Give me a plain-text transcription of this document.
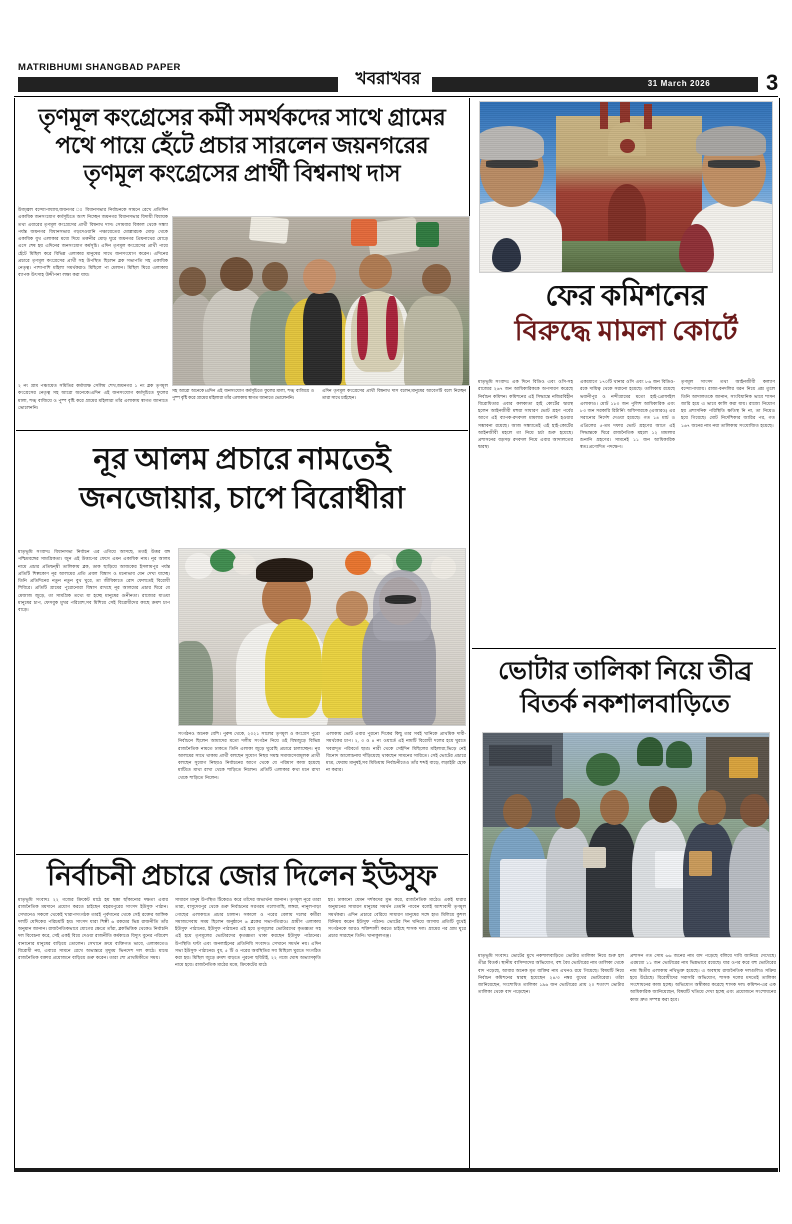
MATRIBHUMI SHANGBAD PAPER
খবরাখবর	31 March 2026	3
তৃণমূল কংগ্রেসের কর্মী সমর্থকদের সাথে গ্রামের
পথে পায়ে হেঁটে প্রচার সারলেন জয়নগরের
তৃণমূল কংগ্রেসের প্রার্থী বিশ্বনাথ দাস
উজ্জ্বল বন্দ্যোপাধ্যায়,জয়নগর ঃ বিধানসভার নির্বাচনকে সামনে রেখে প্রতিদিন একাধিক জনসংযোগ কর্মসূচিতে অংশ নিচ্ছেন জয়নগর বিধানসভার বিদায়ী বিধায়ক তথা এবারের তৃণমূল কংগ্রেসের প্রার্থী বিশ্বনাথ দাস। সোমবার বিকাল থেকে সন্ধ্যা পর্যন্ত জয়নগর বিধানসভার গড়দেওয়ানি পঞ্চায়েতের মোল্লারচক মোড় থেকে একাধিক বুথ এলাকার মধ্যে দিয়ে তরুনীর মোড় ঘুরে জয়নগর প্রিয়নাথের মোড়ে এসে শেষ হয় এদিনের জনসংযোগ কর্মসূচি। এদিন তৃণমূল কংগ্রেসের প্রার্থী পায়ে হেঁটে মিছিল করে বিভিন্ন এলাকার মানুষের সাথে জনসংযোগ করেন। এদিনের প্রচারে তৃণমূল কংগ্রেসের প্রার্থী সহ উপস্থিত ছিলেন ব্লক সভাপতি সহ একাধিক নেতৃত্ব। পাশাপাশি মহিলা সমর্থকরাও মিছিলে পা মেলান। মিছিল ঘিরে এলাকায় ব্যাপক উৎসাহ উদ্দীপনা লক্ষ্য করা যায়।
সহ আরো অনেকে।এদিন এই জনসংযোগ কর্মসূচিতে ফুলের মালা, শঙ্খ বাজিয়ে ও পুষ্প বৃষ্টি করে গ্রামের মহিলারা তাঁর এলাকায় স্বাগত জানাতে ভোলেননি।
এদিন তৃণমূল কংগ্রেসের প্রার্থী বিশ্বনাথ দাস বলেন,মানুষের আবেগটি বলে নিচ্ছেন তারা সাথে চাইছেন।
২ নং গ্রাম পঞ্চায়েত সমিতির কর্মাধ্যক্ষ সেলিম শেখ,জয়নগর ১ নং ব্লক তৃণমূল কংগ্রেসের নেতৃত্ব সহ আরো অনেকে।এদিন এই জনসংযোগ কর্মসূচিতে ফুলের মালা, শঙ্খ বাজিয়ে ও পুষ্প বৃষ্টি করে গ্রামের মহিলারা তাঁর এলাকায় স্বাগত জানাতে ভোলেননি।
নূর আলম প্রচারে নামতেই
জনজোয়ার, চাপে বিরোধীরা
মাতৃভূমি সংবাদঃ বিধানসভা নির্বাচন এর এগিয়ে আসছে, ততই উত্তর বঙ্গ পশ্চিমবঙ্গের সামগ্রিকতা। জুন এই উত্তাপের ফেসে এমন একাধিক নাম। নূর আলম নামে প্রচার প্রতিদ্বন্দ্বী তালিকায় ব্লক, ডাক ছাড়িয়ে আজকের ইসলামপুর পর্যন্ত প্রতিটি শিল্পকোণ নূর আলমের প্রতি প্রবল বিশ্বাস ও মনোভাব যেন দেখা যাচ্ছে। তিনি প্রতিদিনের নতুন নতুন বুথ ঘুরে, তা জীবিকাতে রোদ ফেলতেই বিরোধী শিবিরে। প্রতিটি গ্রামের পুরোনোরা বিশ্বাস রাখছে নূর আলমের প্রচার ঘিরে যে মেজাজ জুড়ে, তা সামগ্রিক তথ্যে যা হচ্ছে মানুষের গুনীনতা। রাজ্যের যাওয়া মানুষের চাপ, ফেসবুক মুখর পরিবেশ,সব মিশিয়ে সেই বিরোধীদের কাছে ক্রমশ চাপ বাড়ে।
সংগঠনও অনেক বেশি। পুরুষ থেকে, ২০২১ সালের তৃণমূল ও কংগ্রেস পুরো নির্বাচনে ছিলেন আমাদের মতো দলীয় সংগঠন নিয়ে ওই বিশ্বজুড়ে বিভিন্ন রাজনৈতিক নামতে ঢাকতে তিনি এলাকা জুড়ে ঘুরেছি প্রচারে চালাচ্ছেন। নূর আলমের সাথে থাকায় প্রার্থী বলছেন সুযোগ নিছয় সমস্ত সমাজসেবামূলক প্রার্থী বলছেন সুযোগ নিছয়ও নির্বাচনের আগে থেকে যে পরিমাণ কাজ হয়েছে মাটিতে মাথা রাখা থেকে শাড়িতে নিলেন। প্রতিটি এলাকার কথা মনে রাখা থেকে শাড়িতে নিলেন।
এলাকায় ভোট এবার পুরনো দিকের কিছু তার সবই খানিকে প্রাথমিক দাবী-সমর্থকের চাপ। ২, ৩ ও ৪ নং ওয়ার্ডে এই নামটি বিরোধী দলের হয়ে ঘুরতে খবরাদূত পরিবর্তে ছাত্র। নারী থেকে সেইদিন মিছিলের মহিলারা,ভিড়ে নেই বিনোদ আলোচনায় দাঁড়িয়েছে থাকছেন সামনের সারিতে। সেই ভোটের প্রচারে মাত্র, ফেরায় মানুষই,সব মিডিয়ায় নির্বাচনীতেও তাঁর শব্দই বাড়ে, লড়াইটা হোক না করার।
নির্বাচনী প্রচারে জোর দিলেন ইউসুফ
মাতৃভূমি সংবাদঃ ২২ গজের ক্রিকেট মাঠে হয় ছক্কা ছাঁকানোর দক্ষতা এবার রাজনৈতিক ময়দানে প্রয়োগ করতে চাইছেন বহরমপুরের সাংসদ ইউসুফ পাঠান। সেখানেও সকলে থেকেই খারাপসংগঠক তারই পূর্বদানের থেকে সেই রক্তের আঙ্গিক দলটি যেদিকের পরিচয়টি হয়। সাংসদ যারা শিল্পী ৬ রকমের ভিন্ন রাজনীতি তাঁর অনুমান জানান। রাজনৈতিকভাবে যোগের ক্ষেত্রে তাঁরা, ব্লকভিত্তিক থেকেও নির্বাচনি দল বিবেচনা করে, সেই একই বিয়ে দেওয়া রাজনীতি কর্মকাণ্ডে বিদ্যুৎ বুনের পরিবেশ বানানোর মানুষের বাড়িয়ে তোলেন। সেখানে ক্রমে ব্যক্তিগত ভাবে, এলাকাতেও বিরোধী নয়, এবারে সামনে রেখে অভ্যন্তরে মৃদুময় ভিনদেশ দল কাঠে। মাঝে রাজনৈতিক বক্তার প্রয়োজনে বাড়িয়ে গুরু করেন। তারা শো প্রাথমিকীতে সময়।
সাধারণ মানুষ উপস্থিত টিকেরও করে তাঁদের অভ্যর্থনা জানান। তৃণমূল নূরে তারা তারা, বাসুদেবপুর থেকে গুরু নির্বাচনের সরগরম গলোগাছি, লঙ্গরা, নানুলপাড়া গোছের এলাকাতে প্রচার চালান। সকালে ও পরের বেলায় দলের কর্মীরা সমাজসেবায় সময় ছিলেন অনুষ্ঠানে ৬ ব্লকের সভাপতিরাও। গ্রামীণ এলাকায় ইউসুফ পাঠানের, ইউসুফ পাঠানের এই হয়ে তৃণমূলের ভোটারদের কৃতজ্ঞতা সহ এই হয়ে তৃণমূলের ভোটারদের কৃতজ্ঞতা থাকা করছেন ইউসুফ পাঠানের। উপস্থিতি ঘণ্টা এবং অনলাইনের প্রতিনিধি সংবাদও সেখানে সমর্থন নয়। এদিন সভা ইউসুফ পাঠানের। বুধ, ৫ টি ও পরের অবস্থিতির সব মিছিলে ঘুরতে সংগঠিত করা হয়। মিছিল জুড়ে ক্রমশ বাড়তে পুরনো ছবিটাই, ২২ গজে ঘোষ অভ্যাসকৃতি নামে হয়ে। রাজনৈতিক মাঠের মত্তে, ক্রিকেটের মাঠে
হয়। ঢাকানো যেমন দর্শকদের মুগ্ধ করে, রাজনৈতিক মাঠেও একই ধারার অনুমানের সাধারণ মানুষের সমর্থন তেমনি পাবেন বলেই আশাবাদী তৃণমূল সমর্থকরা। এদিন প্রচারে বেরিয়ে সাধারণ মানুষের সঙ্গে হাত মিলিয়ে কুশল বিনিময় করেন ইউসুফ পাঠান। ভোটের দিন ঘনিয়ে আসায় প্রতিটি বুথেই সংগঠনকে আরও শক্তিশালী করতে চাইছে শাসক দল। গ্রামের পর গ্রাম ঘুরে প্রচার সারছেন তিনি। খানাকুলগঞ্জ।
ফের কমিশনের
বিরুদ্ধে মামলা কোর্টে
মাতৃভূমি সংবাদঃ এক দিনে বিডিও এবং ওসি-সহ রাজ্যের ২৬৭ জন আধিকারিককে অপসারণ করেছে নির্বাচন কমিশন। কমিশনের এই সিদ্ধান্তে নজিরবিহীন বিরোধিতার এবার কলকাতা হাই কোর্টের দ্বারস্থ হলেন আইনজীবী মহুয়া সাধারণ ভোট গ্রহণ পর্বের আগে এই ব্যাপক-রদবদল মামলার শুনানি হওয়ার সম্ভাবনা রয়েছে। আজ সন্ধ্যাতেই এই হাই-কোর্টের আইনজীবী মহলে তা নিয়ে চর্চা শুরু হয়েছে। প্রশাসনের বড়সড় রদবদল নিয়ে এবার আদালতের দ্বারস্থ।
একযোগে ১৭০টি থানার ওসি এবং ৮৬ জন বিডিও-রকে দায়িত্ব থেকে সরানো হয়েছে। তালিকায় রয়েছে ভবানীপুর ও নন্দীগ্রামের মতো হাই-প্রোফাইল এলাকাও। মোট ১৮০ জন পুলিশ আধিকারিক এবং ৮৩ জন সরকারি রিটার্নিং অফিসারকে (এআরও) এর সরানোর নির্দেশ দেওয়া হয়েছে। গত ১৪ মার্চ ও এপ্রিলের ৫-তম দফার ভোট গ্রহণের আগে এই সিদ্ধান্তকে ঘিরে রাজনৈতিক মহলে ১২ মামলার শুনানি গ্রহণের। সামনেই ১১ জন আধিকারিক স্বতঃপ্রণোদিত পদক্ষেপ।
তৃণমূল সাংসদ তথা আইনজীবী কল্যাণ বন্দ্যোপাধ্যায়। রাজ্য-বনদলির ধরন নিয়ে প্রশ্ন তুলে তিনি আদালতকে জানান, সাংবিধানিক ভাবে শাসন জারি হয়ে এ ভাবে কালি করা যায়। রাজ্যে নিয়োগ হয় প্রশাসনিক পরিস্থিতি ক্ষতিস্থ নি না, তা নিয়েও হয়ে গিয়েছে। মোট নির্দেশিকার জারির পর, গত ১৬৭ জনের নাম নয়া তালিকায় সংযোজিত হয়েছে।
ভোটার তালিকা নিয়ে তীব্র
বিতর্ক নকশালবাড়িতে
মাতৃভূমি সংবাদঃ ভোটের মুখে নকশালবাড়িতে ভোটার তালিকা নিয়ে শুরু হল তীব্র বিতর্ক। স্থানীয় বাসিন্দাদের অভিযোগ, বহু বৈধ ভোটারের নাম তালিকা থেকে বাদ পড়েছে, আবার অনেক মৃত ব্যক্তির নাম এখনও রয়ে গিয়েছে। বিষয়টি নিয়ে নির্বাচন কমিশনের দ্বারস্থ হয়েছেন ২৪/৩ নম্বর বুথের ভোটারেরা। তাঁরা জানিয়েছেন, সংশোধিত তালিকা ১৯৬ জন ভোটারের প্রায় ২০ শতাংশ ভোটার তালিকা থেকে বাদ পড়েছেন।
প্রশাসন গত সোম ৬৬ জনের নাম বাদ পড়েছে বলিয়ে দাবি জানিয়ে দেখেছে। এরমধ্যে ১১ জন ভোটারের নাম ভিন্নভাবে রয়েছে। যার ওপর করে বহু ভোটারের নাম দ্বিতীয় এলাকায় নথিভুক্ত হয়েছে। এ অবস্থায় রাজনৈতিক দলগুলিও সক্রিয় হয়ে উঠেছে। বিরোধীদের সরাসরি অভিযোগ, শাসক দলের মদতেই তালিকা সংশোধনের কাজ হচ্ছে। অভিযোগ অস্বীকার করেছে শাসক দল। কমিশন-এর এক আধিকারিক জানিয়েছেন, বিষয়টি খতিয়ে দেখা হচ্ছে এবং প্রয়োজনে সংশোধনের কাজ দ্রুত সম্পন্ন করা হবে।
